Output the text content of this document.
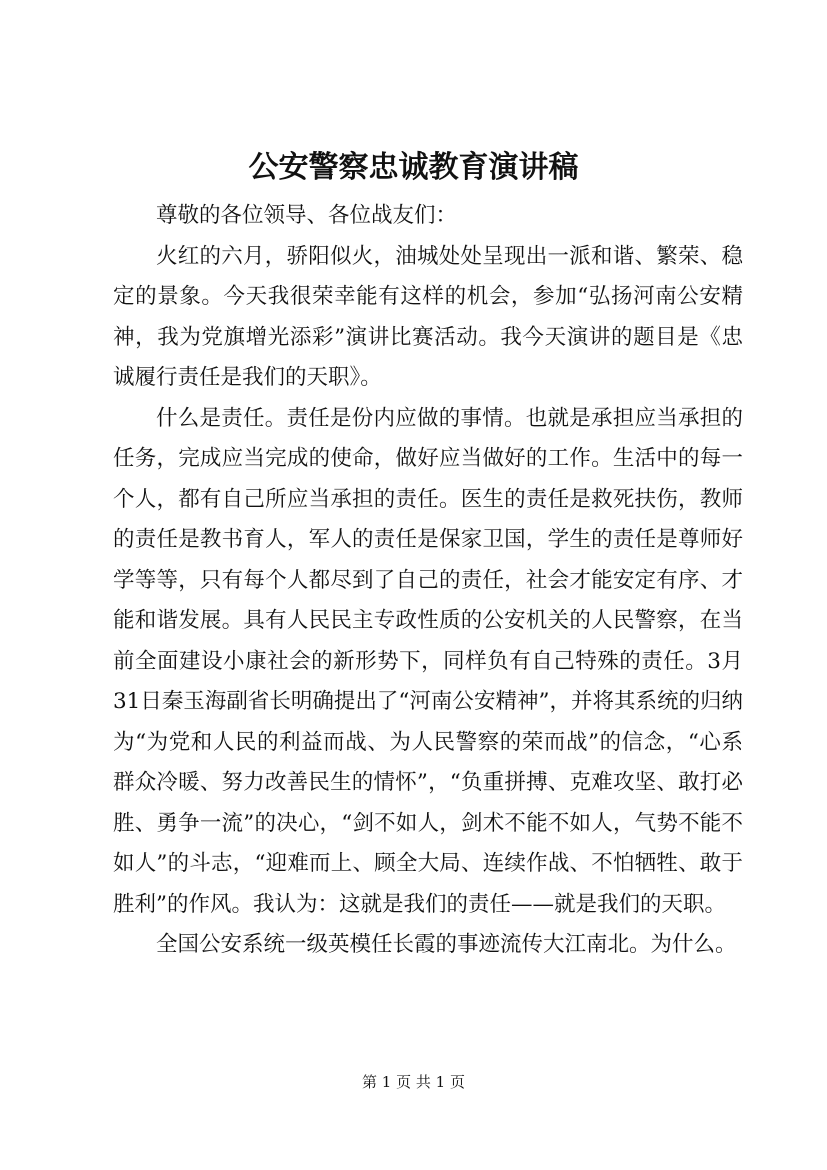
公安警察忠诚教育演讲稿

尊敬的各位领导、各位战友们：

火红的六月，骄阳似火，油城处处呈现出一派和谐、繁荣、稳定的景象。今天我很荣幸能有这样的机会，参加“弘扬河南公安精神，我为党旗增光添彩”演讲比赛活动。我今天演讲的题目是《忠诚履行责任是我们的天职》。

什么是责任。责任是份内应做的事情。也就是承担应当承担的任务，完成应当完成的使命，做好应当做好的工作。生活中的每一个人，都有自己所应当承担的责任。医生的责任是救死扶伤，教师的责任是教书育人，军人的责任是保家卫国，学生的责任是尊师好学等等，只有每个人都尽到了自己的责任，社会才能安定有序、才能和谐发展。具有人民民主专政性质的公安机关的人民警察，在当前全面建设小康社会的新形势下，同样负有自己特殊的责任。3月31日秦玉海副省长明确提出了“河南公安精神”，并将其系统的归纳为“为党和人民的利益而战、为人民警察的荣而战”的信念，“心系群众冷暖、努力改善民生的情怀”，“负重拼搏、克难攻坚、敢打必胜、勇争一流”的决心，“剑不如人，剑术不能不如人，气势不能不如人”的斗志，“迎难而上、顾全大局、连续作战、不怕牺牲、敢于胜利”的作风。我认为：这就是我们的责任——就是我们的天职。

全国公安系统一级英模任长霞的事迹流传大江南北。为什么。

第 1 页 共 1 页
